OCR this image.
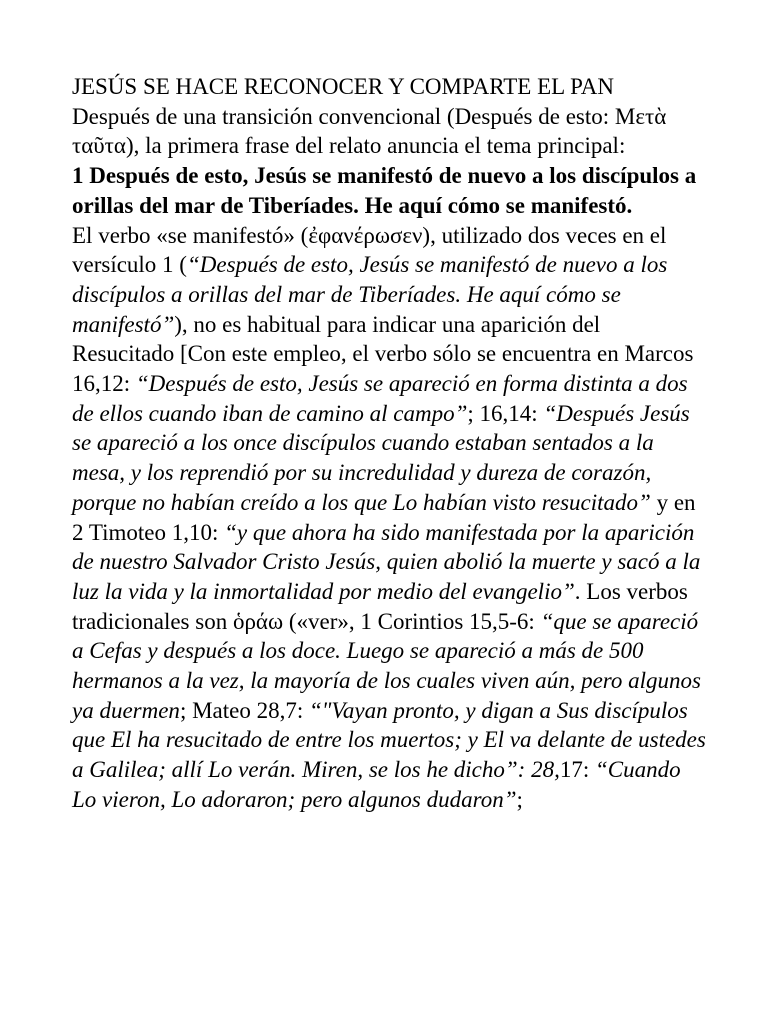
JESÚS SE HACE RECONOCER Y COMPARTE EL PAN

Después de una transición convencional (Después de esto: Μετὰ ταῦτα), la primera frase del relato anuncia el tema principal:

1 Después de esto, Jesús se manifestó de nuevo a los discípulos a orillas del mar de Tiberíades. He aquí cómo se manifestó.

El verbo «se manifestó» (ἐφανέρωσεν), utilizado dos veces en el versículo 1 (“Después de esto, Jesús se manifestó de nuevo a los discípulos a orillas del mar de Tiberíades. He aquí cómo se manifestó”), no es habitual para indicar una aparición del Resucitado [Con este empleo, el verbo sólo se encuentra en Marcos 16,12: “Después de esto, Jesús se apareció en forma distinta a dos de ellos cuando iban de camino al campo”; 16,14: “Después Jesús se apareció a los once discípulos cuando estaban sentados a la mesa, y los reprendió por su incredulidad y dureza de corazón, porque no habían creído a los que Lo habían visto resucitado” y en 2 Timoteo 1,10: “y que ahora ha sido manifestada por la aparición de nuestro Salvador Cristo Jesús, quien abolió la muerte y sacó a la luz la vida y la inmortalidad por medio del evangelio”. Los verbos tradicionales son ὁράω («ver», 1 Corintios 15,5-6: “que se apareció a Cefas y después a los doce. Luego se apareció a más de 500 hermanos a la vez, la mayoría de los cuales viven aún, pero algunos ya duermen; Mateo 28,7: “"Vayan pronto, y digan a Sus discípulos que El ha resucitado de entre los muertos; y El va delante de ustedes a Galilea; allí Lo verán. Miren, se los he dicho”: 28,17: “Cuando Lo vieron, Lo adoraron; pero algunos dudaron”;
